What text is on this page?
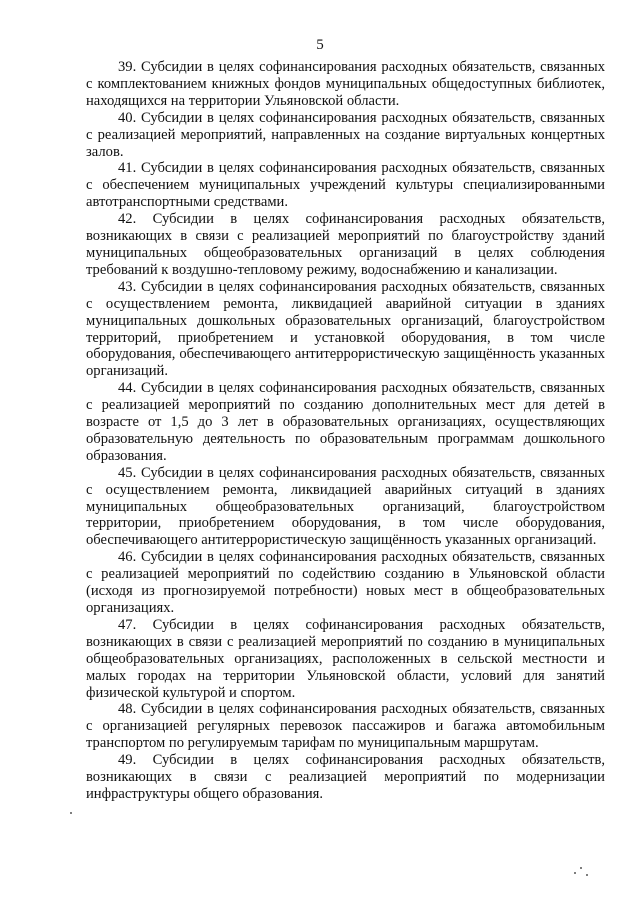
5

39. Субсидии в целях софинансирования расходных обязательств, связанных с комплектованием книжных фондов муниципальных общедоступных библиотек, находящихся на территории Ульяновской области.

40. Субсидии в целях софинансирования расходных обязательств, связанных с реализацией мероприятий, направленных на создание виртуальных концертных залов.

41. Субсидии в целях софинансирования расходных обязательств, связанных с обеспечением муниципальных учреждений культуры специализированными автотранспортными средствами.

42. Субсидии в целях софинансирования расходных обязательств, возникающих в связи с реализацией мероприятий по благоустройству зданий муниципальных общеобразовательных организаций в целях соблюдения требований к воздушно-тепловому режиму, водоснабжению и канализации.

43. Субсидии в целях софинансирования расходных обязательств, связанных с осуществлением ремонта, ликвидацией аварийной ситуации в зданиях муниципальных дошкольных образовательных организаций, благоустройством территорий, приобретением и установкой оборудования, в том числе оборудования, обеспечивающего антитеррористическую защищённость указанных организаций.

44. Субсидии в целях софинансирования расходных обязательств, связанных с реализацией мероприятий по созданию дополнительных мест для детей в возрасте от 1,5 до 3 лет в образовательных организациях, осуществляющих образовательную деятельность по образовательным программам дошкольного образования.

45. Субсидии в целях софинансирования расходных обязательств, связанных с осуществлением ремонта, ликвидацией аварийных ситуаций в зданиях муниципальных общеобразовательных организаций, благоустройством территории, приобретением оборудования, в том числе оборудования, обеспечивающего антитеррористическую защищённость указанных организаций.

46. Субсидии в целях софинансирования расходных обязательств, связанных с реализацией мероприятий по содействию созданию в Ульяновской области (исходя из прогнозируемой потребности) новых мест в общеобразовательных организациях.

47. Субсидии в целях софинансирования расходных обязательств, возникающих в связи с реализацией мероприятий по созданию в муниципальных общеобразовательных организациях, расположенных в сельской местности и малых городах на территории Ульяновской области, условий для занятий физической культурой и спортом.

48. Субсидии в целях софинансирования расходных обязательств, связанных с организацией регулярных перевозок пассажиров и багажа автомобильным транспортом по регулируемым тарифам по муниципальным маршрутам.

49. Субсидии в целях софинансирования расходных обязательств, возникающих в связи с реализацией мероприятий по модернизации инфраструктуры общего образования.
